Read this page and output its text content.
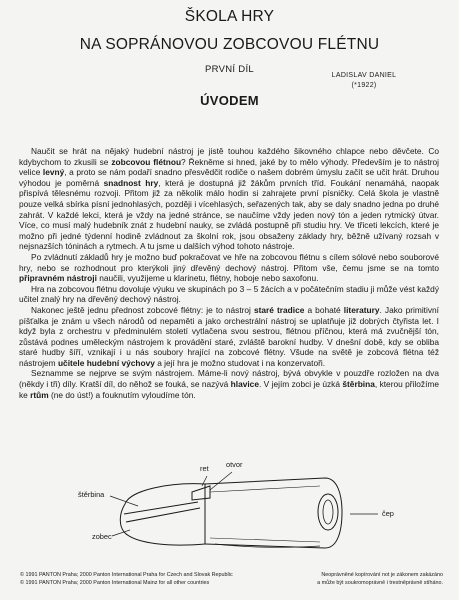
ŠKOLA HRY
NA SOPRÁNOVOU ZOBCOVOU FLÉTNU
PRVNÍ DÍL
LADISLAV DANIEL
(*1922)
ÚVODEM

Naučit se hrát na nějaký hudební nástroj je jistě touhou každého šikovného chlapce nebo děvčete. Co kdybychom to zkusili se zobcovou flétnou? Řekněme si hned, jaké by to mělo výhody. Především je to nástroj velice levný, a proto se nám podaří snadno přesvědčit rodiče o našem dobrém úmyslu začít se učit hrát. Druhou výhodou je poměrná snadnost hry, která je dostupná již žákům prvních tříd. Foukání nenamáhá, naopak přispívá tělesnému rozvoji. Přitom již za několik málo hodin si zahrajete první písničky. Celá škola je vlastně pouze velká sbírka písní jednohlasých, později i vícehlasých, seřazených tak, aby se daly snadno jedna po druhé zahrát. V každé lekci, která je vždy na jedné stránce, se naučíme vždy jeden nový tón a jeden rytmický útvar. Více, co musí malý hudebník znát z hudební nauky, se zvládá postupně při studiu hry. Ve třiceti lekcích, které je možno při jedné týdenní hodině zvládnout za školní rok, jsou obsaženy základy hry, běžně užívaný rozsah v nejsnazších tóninách a rytmech. A tu jsme u dalších výhod tohoto nástroje.

Po zvládnutí základů hry je možno buď pokračovat ve hře na zobcovou flétnu s cílem sólové nebo souborové hry, nebo se rozhodnout pro kterýkoli jiný dřevěný dechový nástroj. Přitom vše, čemu jsme se na tomto připravném nástroji naučili, využijeme u klarinetu, flétny, hoboje nebo saxofonu.

Hra na zobcovou flétnu dovoluje výuku ve skupinách po 3 – 5 žácích a v počátečním stadiu ji může vést každý učitel znalý hry na dřevěný dechový nástroj.

Nakonec ještě jednu přednost zobcové flétny: je to nástroj staré tradice a bohaté literatury. Jako primitivní píšťalka je znám u všech národů od nepaměti a jako orchestrální nástroj se uplatňuje již dobrých čtyřista let. I když byla z orchestru v předminulém století vytlačena svou sestrou, flétnou příčnou, která má zvučnější tón, zůstává podnes uměleckým nástrojem k provádění staré, zvláště barokní hudby. V dnešní době, kdy se obliba staré hudby šíří, vznikají i u nás soubory hrající na zobcové flétny. Všude na světě je zobcová flétna též nástrojem učitele hudební výchovy a její hra je možno studovat i na konzervatoři.

Seznamme se nejprve se svým nástrojem. Máme-li nový nástroj, bývá obvykle v pouzdře rozložen na dva (někdy i tři) díly. Kratší díl, do něhož se fouká, se nazývá hlavice. V jejím zobci je úzká štěrbina, kterou přiložíme ke rtům (ne do úst!) a fouknutím vyloudíme tón.

ret otvor
štěrbina
zobec
čep
© 1991 PANTON Praha; 2000 Panton International Praha for Czech and Slovak Republic
© 1991 PANTON Praha; 2000 Panton International Mainz for all other countries
Neoprávněné kopírování not je zákonem zakázáno
a může být soukromoprávně i trestněprávně stíháno.
